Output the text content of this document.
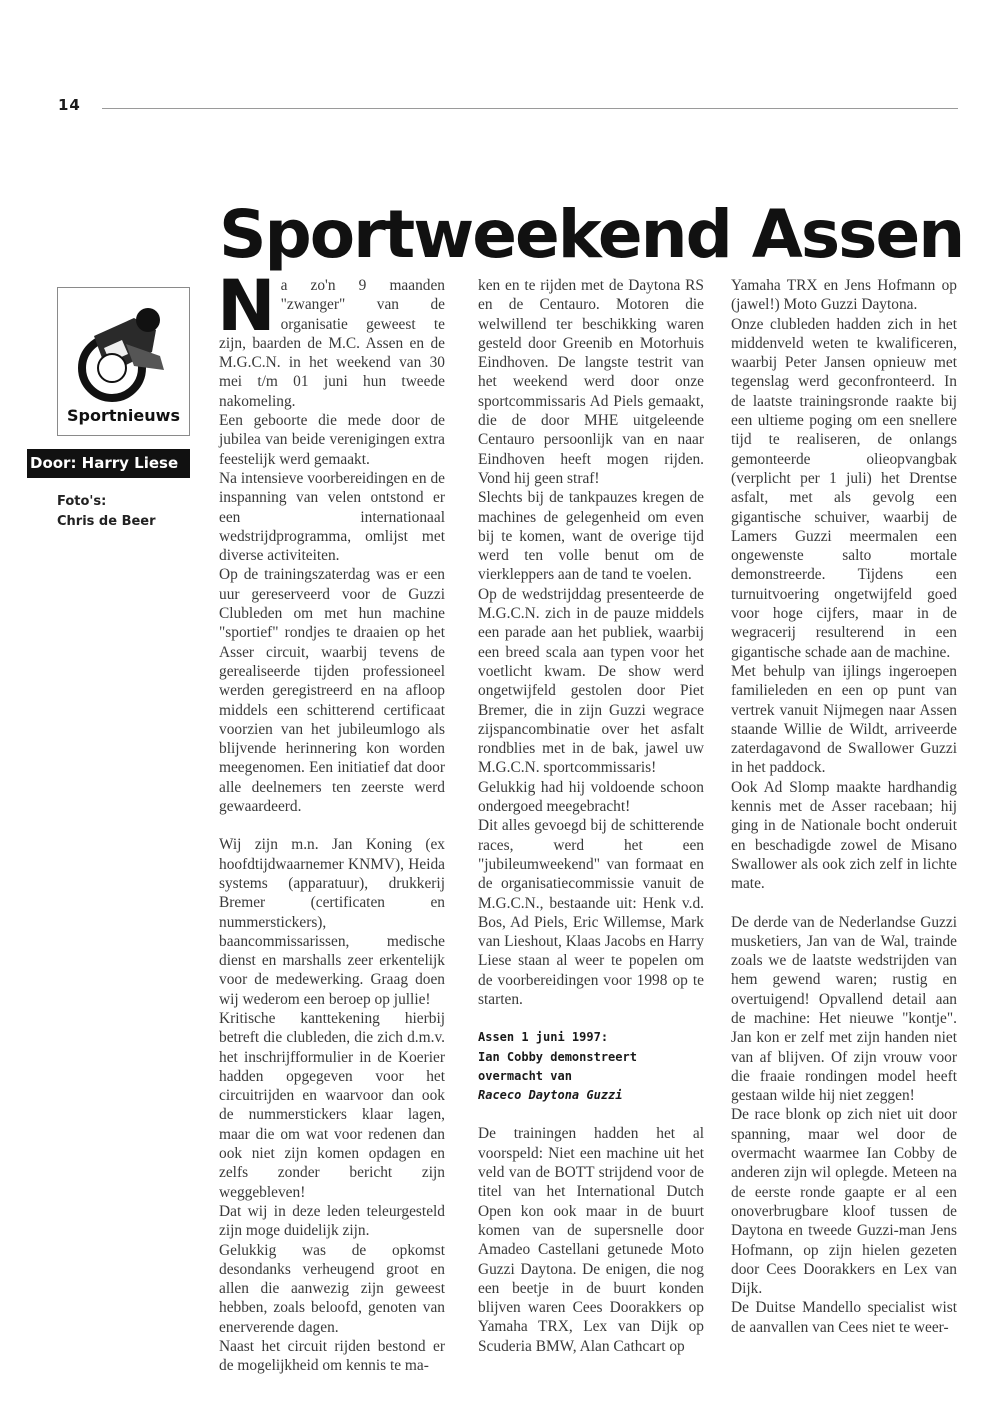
14
Sportweekend Assen
Sportnieuws
Door: Harry Liese
Foto's:
Chris de Beer

Na zo'n 9 maanden "zwanger" van de organisatie geweest te zijn, baarden de M.C. Assen en de M.G.C.N. in het weekend van 30 mei t/m 01 juni hun tweede nakomeling.

Een geboorte die mede door de jubilea van beide verenigingen extra feestelijk werd gemaakt.

Na intensieve voorbereidingen en de inspanning van velen ontstond er een internationaal wedstrijdprogramma, omlijst met diverse activiteiten.

Op de trainingszaterdag was er een uur gereserveerd voor de Guzzi Clubleden om met hun machine "sportief" rondjes te draaien op het Asser circuit, waarbij tevens de gerealiseerde tijden professioneel werden geregistreerd en na afloop middels een schitterend certificaat voorzien van het jubileumlogo als blijvende herinnering kon worden meegenomen. Een initiatief dat door alle deelnemers ten zeerste werd gewaardeerd.

Wij zijn m.n. Jan Koning (ex hoofdtijdwaarnemer KNMV), Heida systems (apparatuur), drukkerij Bremer (certificaten en nummerstickers), baancommissarissen, medische dienst en marshalls zeer erkentelijk voor de medewerking. Graag doen wij wederom een beroep op jullie!

Kritische kanttekening hierbij betreft die clubleden, die zich d.m.v. het inschrijfformulier in de Koerier hadden opgegeven voor het circuitrijden en waarvoor dan ook de nummerstickers klaar lagen, maar die om wat voor redenen dan ook niet zijn komen opdagen en zelfs zonder bericht zijn weggebleven!

Dat wij in deze leden teleurgesteld zijn moge duidelijk zijn.

Gelukkig was de opkomst desondanks verheugend groot en allen die aanwezig zijn geweest hebben, zoals beloofd, genoten van enerverende dagen.

Naast het circuit rijden bestond er de mogelijkheid om kennis te ma-

ken en te rijden met de Daytona RS en de Centauro. Motoren die welwillend ter beschikking waren gesteld door Greenib en Motorhuis Eindhoven. De langste testrit van het weekend werd door onze sportcommissaris Ad Piels gemaakt, die de door MHE uitgeleende Centauro persoonlijk van en naar Eindhoven heeft mogen rijden. Vond hij geen straf!

Slechts bij de tankpauzes kregen de machines de gelegenheid om even bij te komen, want de overige tijd werd ten volle benut om de vierkleppers aan de tand te voelen.

Op de wedstrijddag presenteerde de M.G.C.N. zich in de pauze middels een parade aan het publiek, waarbij een breed scala aan typen voor het voetlicht kwam. De show werd ongetwijfeld gestolen door Piet Bremer, die in zijn Guzzi wegrace zijspancombinatie over het asfalt rondblies met in de bak, jawel uw M.G.C.N. sportcommissaris!

Gelukkig had hij voldoende schoon ondergoed meegebracht!

Dit alles gevoegd bij de schitterende races, werd het een "jubileumweekend" van formaat en de organisatiecommissie vanuit de M.G.C.N., bestaande uit: Henk v.d. Bos, Ad Piels, Eric Willemse, Mark van Lieshout, Klaas Jacobs en Harry Liese staan al weer te popelen om de voorbereidingen voor 1998 op te starten.

Assen 1 juni 1997:
Ian Cobby demonstreert overmacht van
Raceco Daytona Guzzi

De trainingen hadden het al voorspeld: Niet een machine uit het veld van de BOTT strijdend voor de titel van het International Dutch Open kon ook maar in de buurt komen van de supersnelle door Amadeo Castellani getunede Moto Guzzi Daytona. De enigen, die nog een beetje in de buurt konden blijven waren Cees Doorakkers op Yamaha TRX, Lex van Dijk op Scuderia BMW, Alan Cathcart op

Yamaha TRX en Jens Hofmann op (jawel!) Moto Guzzi Daytona.

Onze clubleden hadden zich in het middenveld weten te kwalificeren, waarbij Peter Jansen opnieuw met tegenslag werd geconfronteerd. In de laatste trainingsronde raakte bij een ultieme poging om een snellere tijd te realiseren, de onlangs gemonteerde olieopvangbak (verplicht per 1 juli) het Drentse asfalt, met als gevolg een gigantische schuiver, waarbij de Lamers Guzzi meermalen een ongewenste salto mortale demonstreerde. Tijdens een turnuitvoering ongetwijfeld goed voor hoge cijfers, maar in de wegracerij resulterend in een gigantische schade aan de machine.

Met behulp van ijlings ingeroepen familieleden en een op punt van vertrek vanuit Nijmegen naar Assen staande Willie de Wildt, arriveerde zaterdagavond de Swallower Guzzi in het paddock.

Ook Ad Slomp maakte hardhandig kennis met de Asser racebaan; hij ging in de Nationale bocht onderuit en beschadigde zowel de Misano Swallower als ook zich zelf in lichte mate.

De derde van de Nederlandse Guzzi musketiers, Jan van de Wal, trainde zoals we de laatste wedstrijden van hem gewend waren; rustig en overtuigend! Opvallend detail aan de machine: Het nieuwe "kontje". Jan kon er zelf met zijn handen niet van af blijven. Of zijn vrouw voor die fraaie rondingen model heeft gestaan wilde hij niet zeggen!

De race blonk op zich niet uit door spanning, maar wel door de overmacht waarmee Ian Cobby de anderen zijn wil oplegde. Meteen na de eerste ronde gaapte er al een onoverbrugbare kloof tussen de Daytona en tweede Guzzi-man Jens Hofmann, op zijn hielen gezeten door Cees Doorakkers en Lex van Dijk.

De Duitse Mandello specialist wist de aanvallen van Cees niet te weer-
